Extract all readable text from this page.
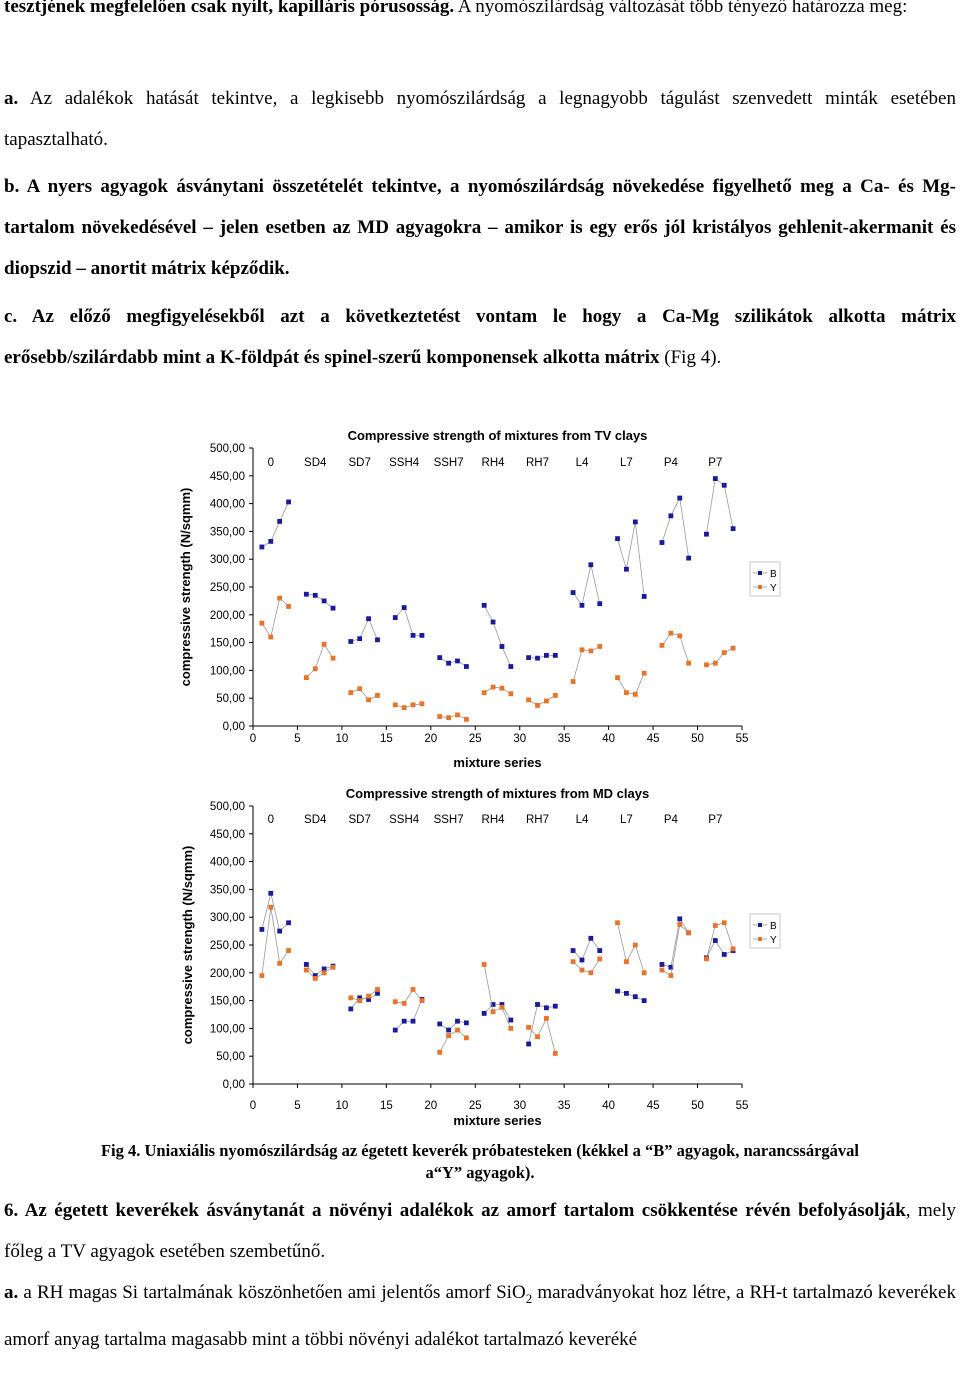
tesztjének megfelelően csak nyílt, kapilláris pórusosság. A nyomószilárdság változását több tényező határozza meg:

a. Az adalékok hatását tekintve, a legkisebb nyomószilárdság a legnagyobb tágulást szenvedett minták esetében tapasztalható.

b. A nyers agyagok ásványtani összetételét tekintve, a nyomószilárdság növekedése figyelhető meg a Ca- és Mg-tartalom növekedésével – jelen esetben az MD agyagokra – amikor is egy erős jól kristályos gehlenit-akermanit és diopszid – anortit mátrix képződik.

c. Az előző megfigyelésekből azt a következtetést vontam le hogy a Ca-Mg szilikátok alkotta mátrix erősebb/szilárdabb mint a K-földpát és spinel-szerű komponensek alkotta mátrix (Fig 4).

Compressive strength of mixtures from TV clays
0,00
50,00
100,00
150,00
200,00
250,00
300,00
350,00
400,00
450,00
500,00
0	5	10	15	20	25	30	35	40	45	50	55
mixture series
compressive strength (N/sqmm)
0	SD4 SD7 SSH4 SSH7 RH4 RH7 L4	L7	P4	P7
B
Y
Compressive strength of mixtures from MD clays
0,00
50,00
100,00
150,00
200,00
250,00
300,00
350,00
400,00
450,00
500,00
0	5	10	15	20	25	30	35	40	45	50	55
mixture series
compressive strength (N/sqmm)
0	SD4 SD7 SSH4 SSH7 RH4 RH7 L4	L7	P4	P7
B
Y
Fig 4. Uniaxiális nyomószilárdság az égetett keverék próbatesteken (kékkel a “B” agyagok, narancssárgával
a“Y” agyagok).

6. Az égetett keverékek ásványtanát a növényi adalékok az amorf tartalom csökkentése révén befolyásolják, mely főleg a TV agyagok esetében szembetűnő.

a. a RH magas Si tartalmának köszönhetően ami jelentős amorf SiO$_2$ maradványokat hoz létre, a RH-t tartalmazó keverékek amorf anyag tartalma magasabb mint a többi növényi adalékot tartalmazó keveréké
